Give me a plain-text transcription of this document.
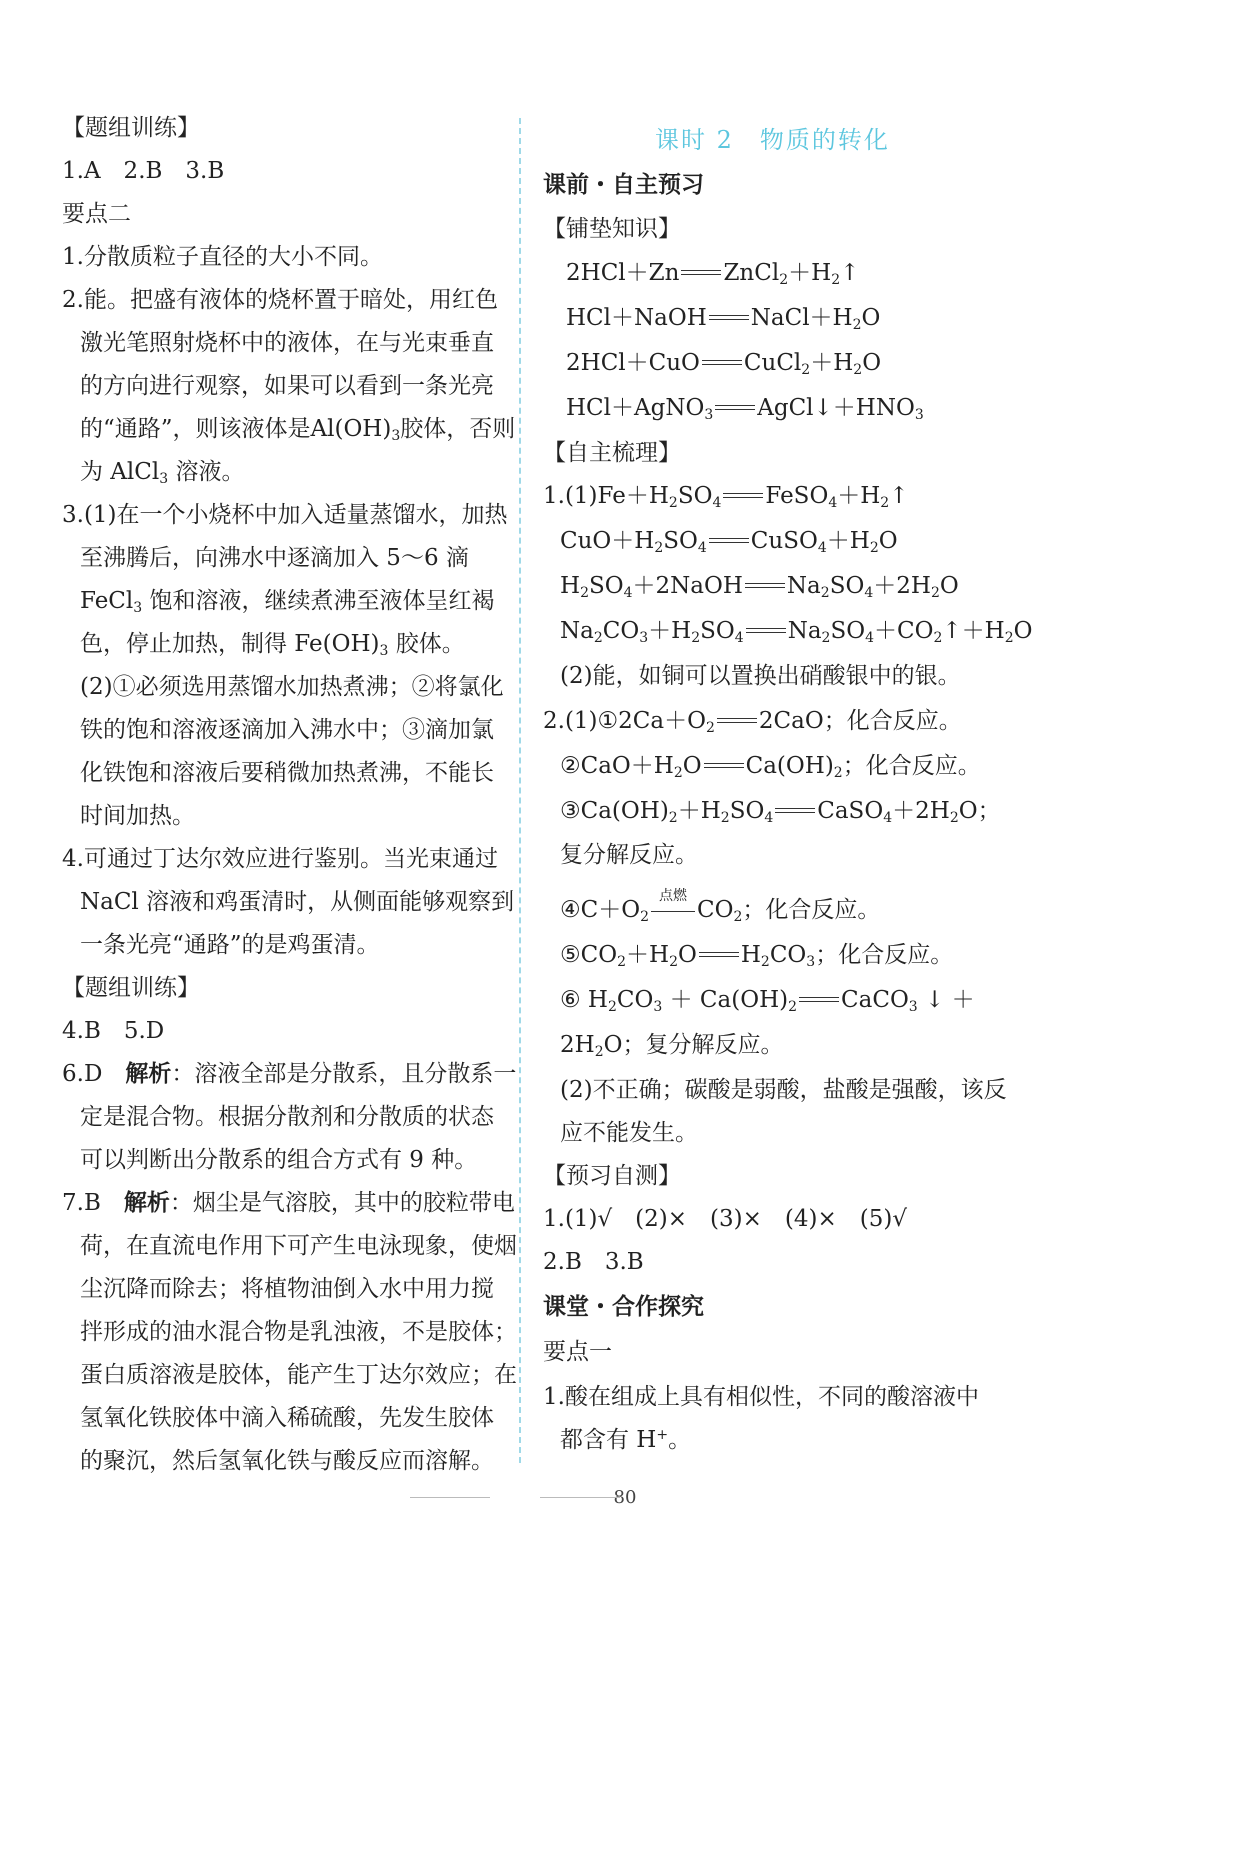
【题组训练】
1.A　2.B　3.B
要点二
1.分散质粒子直径的大小不同。
2.能。把盛有液体的烧杯置于暗处，用红色
激光笔照射烧杯中的液体，在与光束垂直
的方向进行观察，如果可以看到一条光亮
的“通路”，则该液体是$Al(OH)_3$胶体，否则
为 AlCl$_3$ 溶液。
3.(1)在一个小烧杯中加入适量蒸馏水，加热
至沸腾后，向沸水中逐滴加入 5～6 滴
FeCl$_3$ 饱和溶液，继续煮沸至液体呈红褐
色，停止加热，制得 $Fe(OH)_3$ 胶体。
(2)①必须选用蒸馏水加热煮沸；②将氯化
铁的饱和溶液逐滴加入沸水中；③滴加氯
化铁饱和溶液后要稍微加热煮沸，不能长
时间加热。
4.可通过丁达尔效应进行鉴别。当光束通过
NaCl 溶液和鸡蛋清时，从侧面能够观察到
一条光亮“通路”的是鸡蛋清。
【题组训练】
4.B　5.D
6.D　解析：溶液全部是分散系，且分散系一
定是混合物。根据分散剂和分散质的状态
可以判断出分散系的组合方式有 9 种。
7.B　解析：烟尘是气溶胶，其中的胶粒带电
荷，在直流电作用下可产生电泳现象，使烟
尘沉降而除去；将植物油倒入水中用力搅
拌形成的油水混合物是乳浊液，不是胶体；
蛋白质溶液是胶体，能产生丁达尔效应；在
氢氧化铁胶体中滴入稀硫酸，先发生胶体
的聚沉，然后氢氧化铁与酸反应而溶解。
课时 2　物质的转化
课前・自主预习
【铺垫知识】
2HCl＋Zn $ZnCl_2+H_2↑$
HCl＋NaOH $NaCl+H_2O$
2HCl＋CuO $CuCl_2+H_2O$
HCl＋AgNO$_3$ $AgCl↓+HNO_3$
【自主梳理】
$1.(1)Fe+H_2SO_4$ $FeSO_4+H_2↑$
$CuO+H_2SO_4$ $CuSO_4+H_2O$
$H_2SO_4+2NaOH$ $Na_2SO_4+2H_2O$
$Na_2CO_3+H_2SO_4$ $Na_2SO_4+CO_2↑+H_2O$
(2)能，如铜可以置换出硝酸银中的银。
$2.(1)①2Ca+O_2$ 2CaO；化合反应。
$②CaO+H_2O$ $Ca(OH)_2$；化合反应。
$③Ca(OH)_2+H_2SO_4$ $CaSO_4+2H_2O$；
复分解反应。
$④C+O_2$
点燃
$CO_2$；化合反应。
$⑤CO_2+H_2O$ $H_2CO_3$；化合反应。
⑥ $H_2CO_3 + Ca(OH)_2$ CaCO$_3$ ↓ ＋
$2H_2O$；复分解反应。
(2)不正确；碳酸是弱酸，盐酸是强酸，该反
应不能发生。
【预习自测】
1.(1)√　(2)×　(3)×　(4)×　(5)√
2.B　3.B
课堂・合作探究
要点一
1.酸在组成上具有相似性，不同的酸溶液中
都含有 H+。
80
